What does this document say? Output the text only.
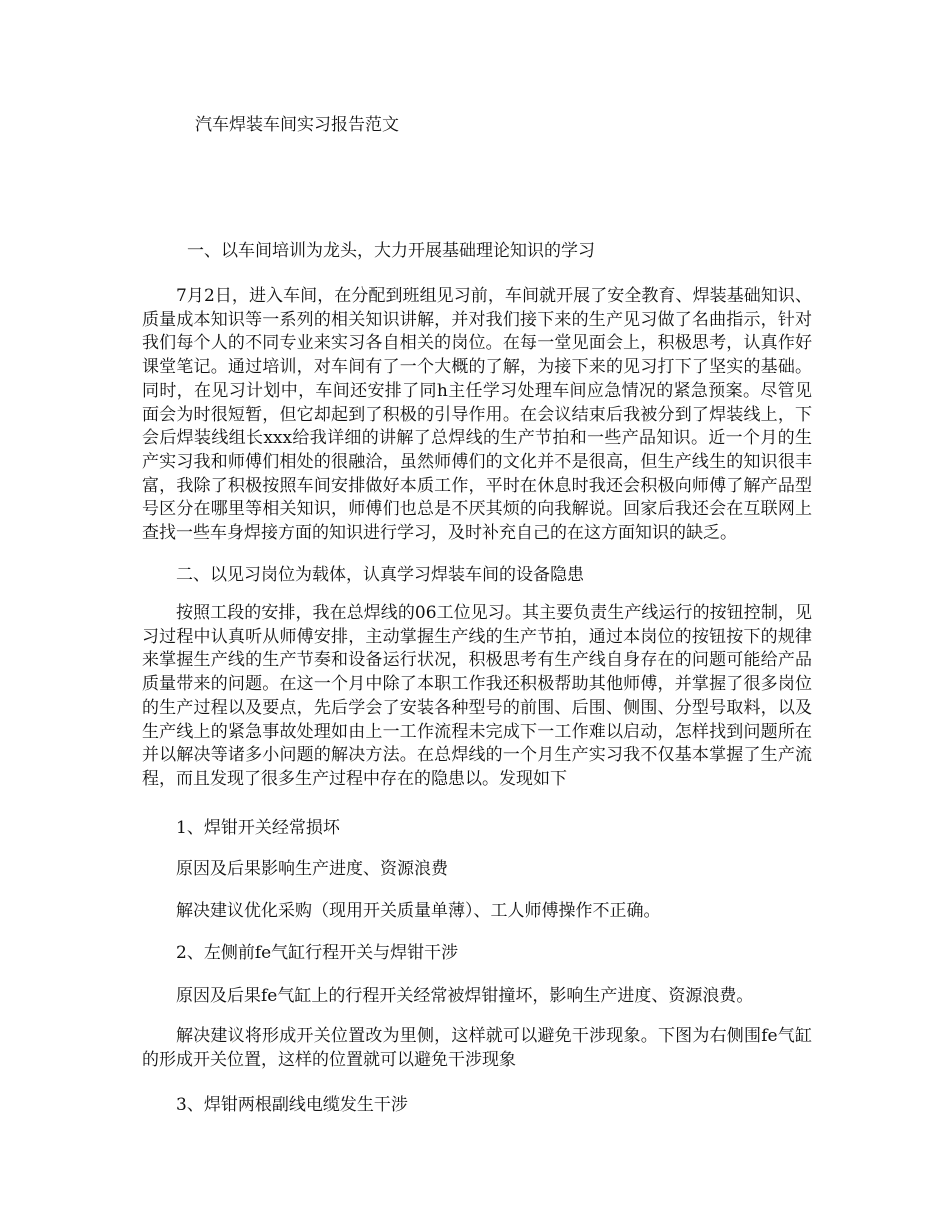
汽车焊装车间实习报告范文
一、以车间培训为龙头，大力开展基础理论知识的学习

7月2日，进入车间，在分配到班组见习前，车间就开展了安全教育、焊装基础知识、质量成本知识等一系列的相关知识讲解，并对我们接下来的生产见习做了名曲指示，针对我们每个人的不同专业来实习各自相关的岗位。在每一堂见面会上，积极思考，认真作好课堂笔记。通过培训，对车间有了一个大概的了解，为接下来的见习打下了坚实的基础。同时，在见习计划中，车间还安排了同h主任学习处理车间应急情况的紧急预案。尽管见面会为时很短暂，但它却起到了积极的引导作用。在会议结束后我被分到了焊装线上，下会后焊装线组长xxx给我详细的讲解了总焊线的生产节拍和一些产品知识。近一个月的生产实习我和师傅们相处的很融洽，虽然师傅们的文化并不是很高，但生产线生的知识很丰富，我除了积极按照车间安排做好本质工作，平时在休息时我还会积极向师傅了解产品型号区分在哪里等相关知识，师傅们也总是不厌其烦的向我解说。回家后我还会在互联网上查找一些车身焊接方面的知识进行学习，及时补充自己的在这方面知识的缺乏。

二、以见习岗位为载体，认真学习焊装车间的设备隐患

按照工段的安排，我在总焊线的06工位见习。其主要负责生产线运行的按钮控制，见习过程中认真听从师傅安排，主动掌握生产线的生产节拍，通过本岗位的按钮按下的规律来掌握生产线的生产节奏和设备运行状况，积极思考有生产线自身存在的问题可能给产品质量带来的问题。在这一个月中除了本职工作我还积极帮助其他师傅，并掌握了很多岗位的生产过程以及要点，先后学会了安装各种型号的前围、后围、侧围、分型号取料，以及生产线上的紧急事故处理如由上一工作流程未完成下一工作难以启动，怎样找到问题所在并以解决等诸多小问题的解决方法。在总焊线的一个月生产实习我不仅基本掌握了生产流程，而且发现了很多生产过程中存在的隐患以。发现如下

1、焊钳开关经常损坏
原因及后果影响生产进度、资源浪费
解决建议优化采购（现用开关质量单薄）、工人师傅操作不正确。
2、左侧前fe气缸行程开关与焊钳干涉
原因及后果fe气缸上的行程开关经常被焊钳撞坏，影响生产进度、资源浪费。

解决建议将形成开关位置改为里侧，这样就可以避免干涉现象。下图为右侧围fe气缸的形成开关位置，这样的位置就可以避免干涉现象

3、焊钳两根副线电缆发生干涉
